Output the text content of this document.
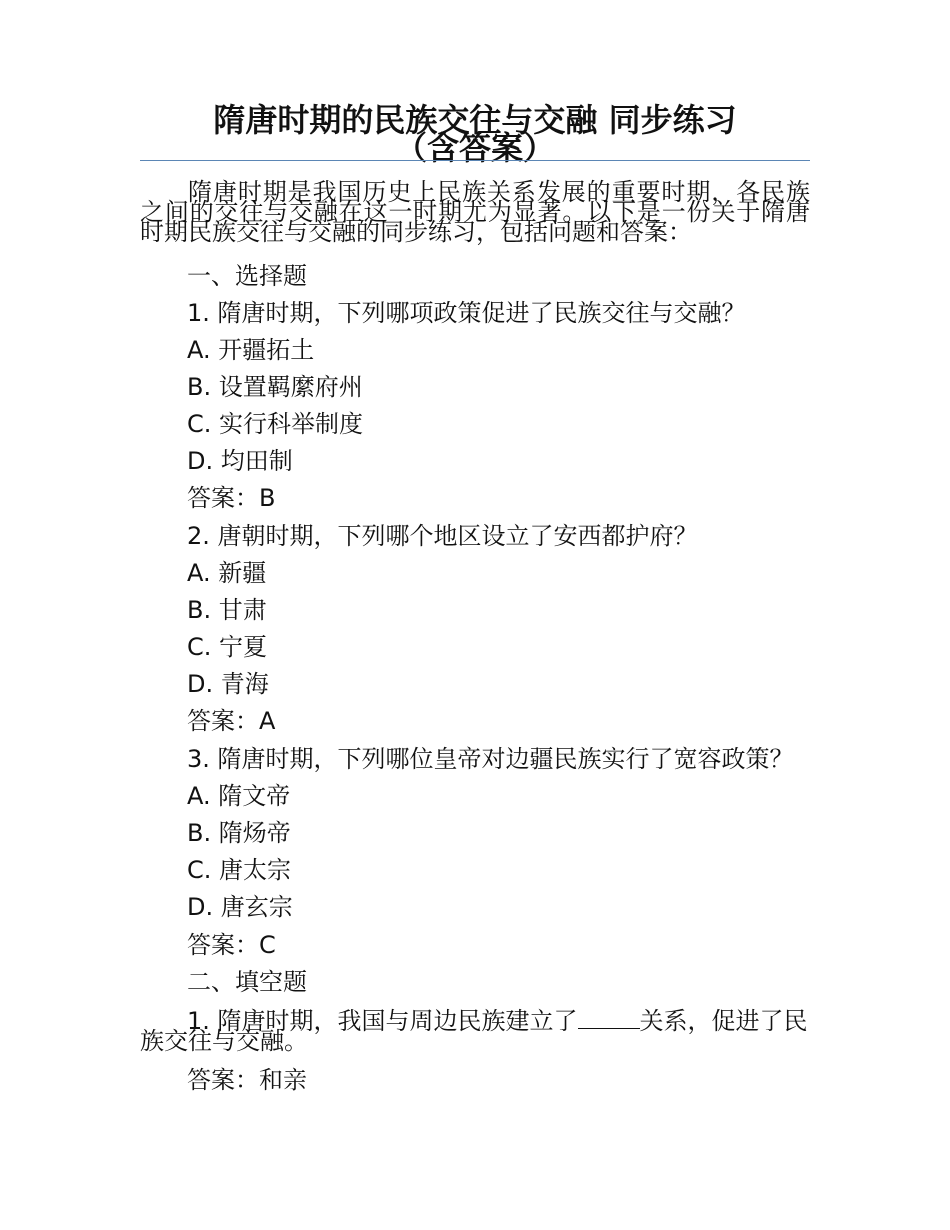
隋唐时期的民族交往与交融 同步练习
（含答案）
隋唐时期是我国历史上民族关系发展的重要时期，各民族之间的交往与交融在这一时期尤为显著。以下是一份关于隋唐时期民族交往与交融的同步练习，包括问题和答案：
一、选择题
1. 隋唐时期，下列哪项政策促进了民族交往与交融？
A. 开疆拓土
B. 设置羁縻府州
C. 实行科举制度
D. 均田制
答案：B
2. 唐朝时期，下列哪个地区设立了安西都护府？
A. 新疆
B. 甘肃
C. 宁夏
D. 青海
答案：A
3. 隋唐时期，下列哪位皇帝对边疆民族实行了宽容政策？
A. 隋文帝
B. 隋炀帝
C. 唐太宗
D. 唐玄宗
答案：C
二、填空题
1. 隋唐时期，我国与周边民族建立了	关系，促进了民族交往与交融。
答案：和亲
